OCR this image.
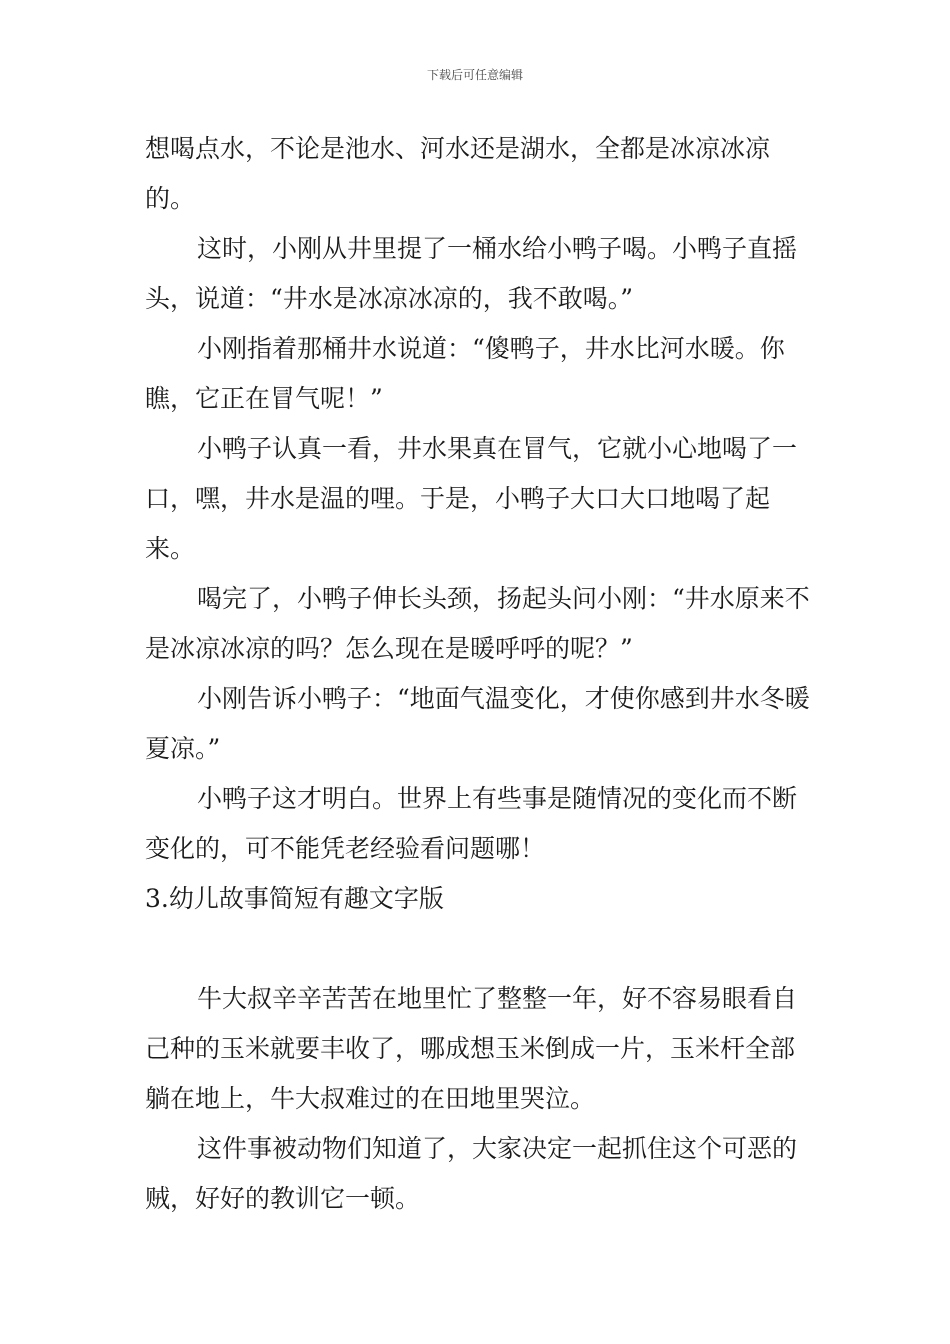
下载后可任意编辑

想喝点水，不论是池水、河水还是湖水，全都是冰凉冰凉的。

这时，小刚从井里提了一桶水给小鸭子喝。小鸭子直摇头，说道：“井水是冰凉冰凉的，我不敢喝。”

小刚指着那桶井水说道：“傻鸭子，井水比河水暖。你瞧，它正在冒气呢！”

小鸭子认真一看，井水果真在冒气，它就小心地喝了一口，嘿，井水是温的哩。于是，小鸭子大口大口地喝了起来。

喝完了，小鸭子伸长头颈，扬起头问小刚：“井水原来不是冰凉冰凉的吗？怎么现在是暖呼呼的呢？”

小刚告诉小鸭子：“地面气温变化，才使你感到井水冬暖夏凉。”

小鸭子这才明白。世界上有些事是随情况的变化而不断变化的，可不能凭老经验看问题哪！

3.幼儿故事简短有趣文字版

牛大叔辛辛苦苦在地里忙了整整一年，好不容易眼看自己种的玉米就要丰收了，哪成想玉米倒成一片，玉米杆全部躺在地上，牛大叔难过的在田地里哭泣。

这件事被动物们知道了，大家决定一起抓住这个可恶的贼，好好的教训它一顿。
